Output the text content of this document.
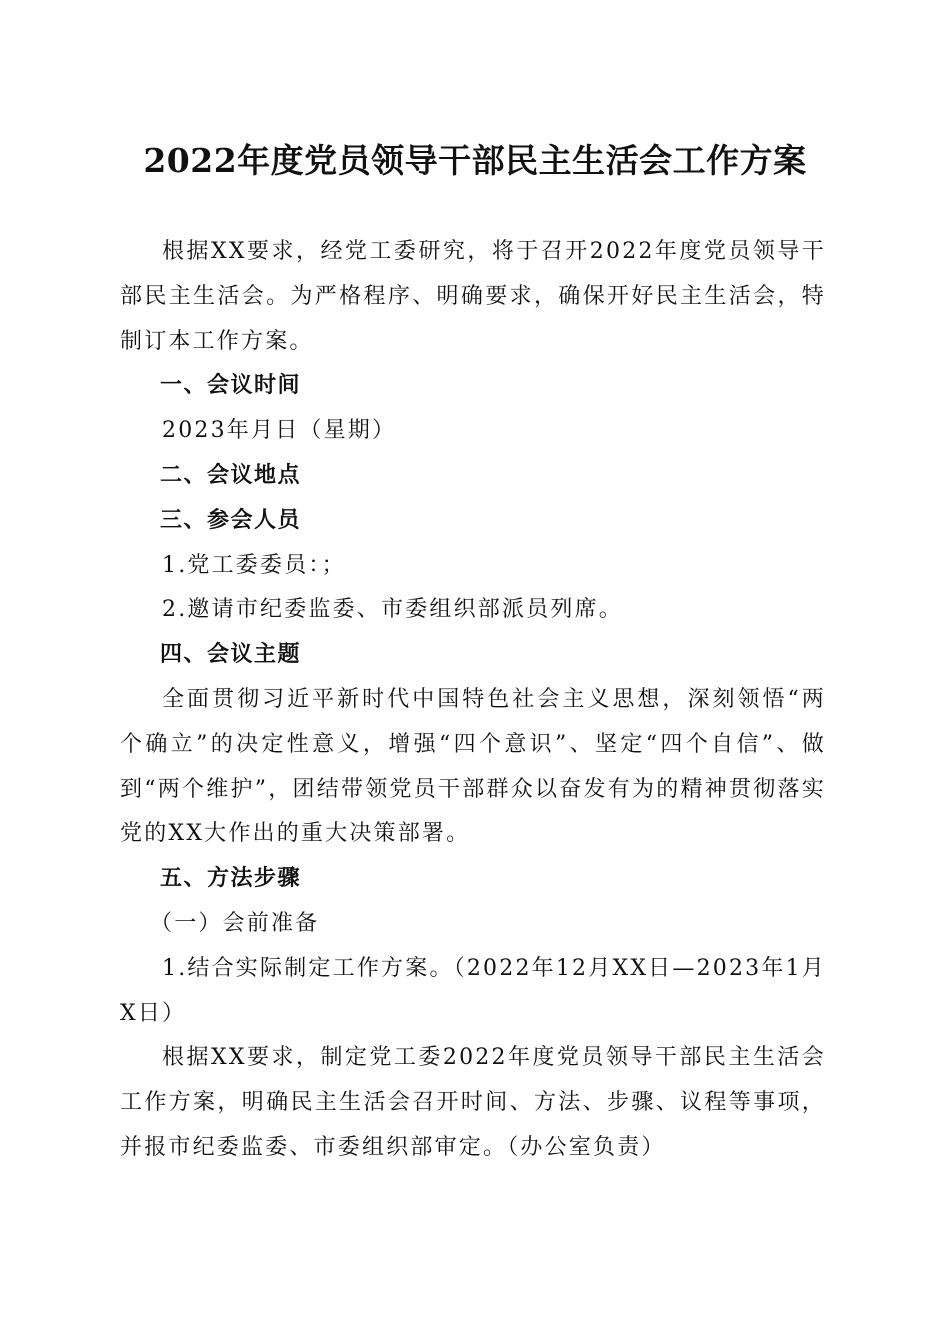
2022年度党员领导干部民主生活会工作方案

根据XX要求，经党工委研究，将于召开2022年度党员领导干部民主生活会。为严格程序、明确要求，确保开好民主生活会，特制订本工作方案。

一、会议时间

2023年月日（星期）

二、会议地点

三、参会人员

1.党工委委员：；

2.邀请市纪委监委、市委组织部派员列席。

四、会议主题

全面贯彻习近平新时代中国特色社会主义思想，深刻领悟“两个确立”的决定性意义，增强“四个意识”、坚定“四个自信”、做到“两个维护”，团结带领党员干部群众以奋发有为的精神贯彻落实党的XX大作出的重大决策部署。

五、方法步骤

（一）会前准备

1.结合实际制定工作方案。（2022年12月XX日—2023年1月X日）

根据XX要求，制定党工委2022年度党员领导干部民主生活会工作方案，明确民主生活会召开时间、方法、步骤、议程等事项，并报市纪委监委、市委组织部审定。（办公室负责）
